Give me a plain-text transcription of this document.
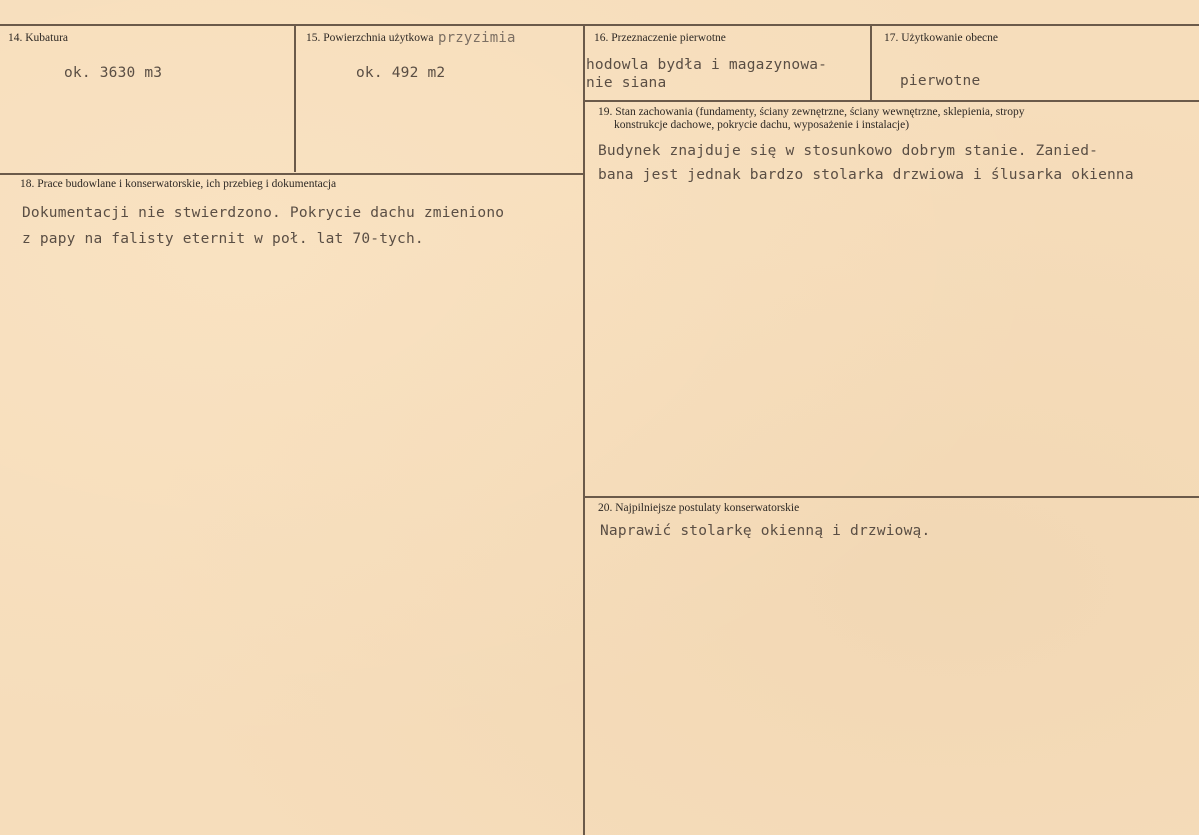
14. Kubatura
ok. 3630 m3
15. Powierzchnia użytkowa przyzimia
ok. 492 m2
16. Przeznaczenie pierwotne
hodowla bydła i magazynowa-
nie siana
17. Użytkowanie obecne
pierwotne
18. Prace budowlane i konserwatorskie, ich przebieg i dokumentacja
Dokumentacji nie stwierdzono. Pokrycie dachu zmieniono
z papy na falisty eternit w poł. lat 70-tych.
19. Stan zachowania (fundamenty, ściany zewnętrzne, ściany wewnętrzne, sklepienia, stropy
konstrukcje dachowe, pokrycie dachu, wyposażenie i instalacje)
Budynek znajduje się w stosunkowo dobrym stanie. Zanied-
bana jest jednak bardzo stolarka drzwiowa i ślusarka okienna
20. Najpilniejsze postulaty konserwatorskie
Naprawić stolarkę okienną i drzwiową.
